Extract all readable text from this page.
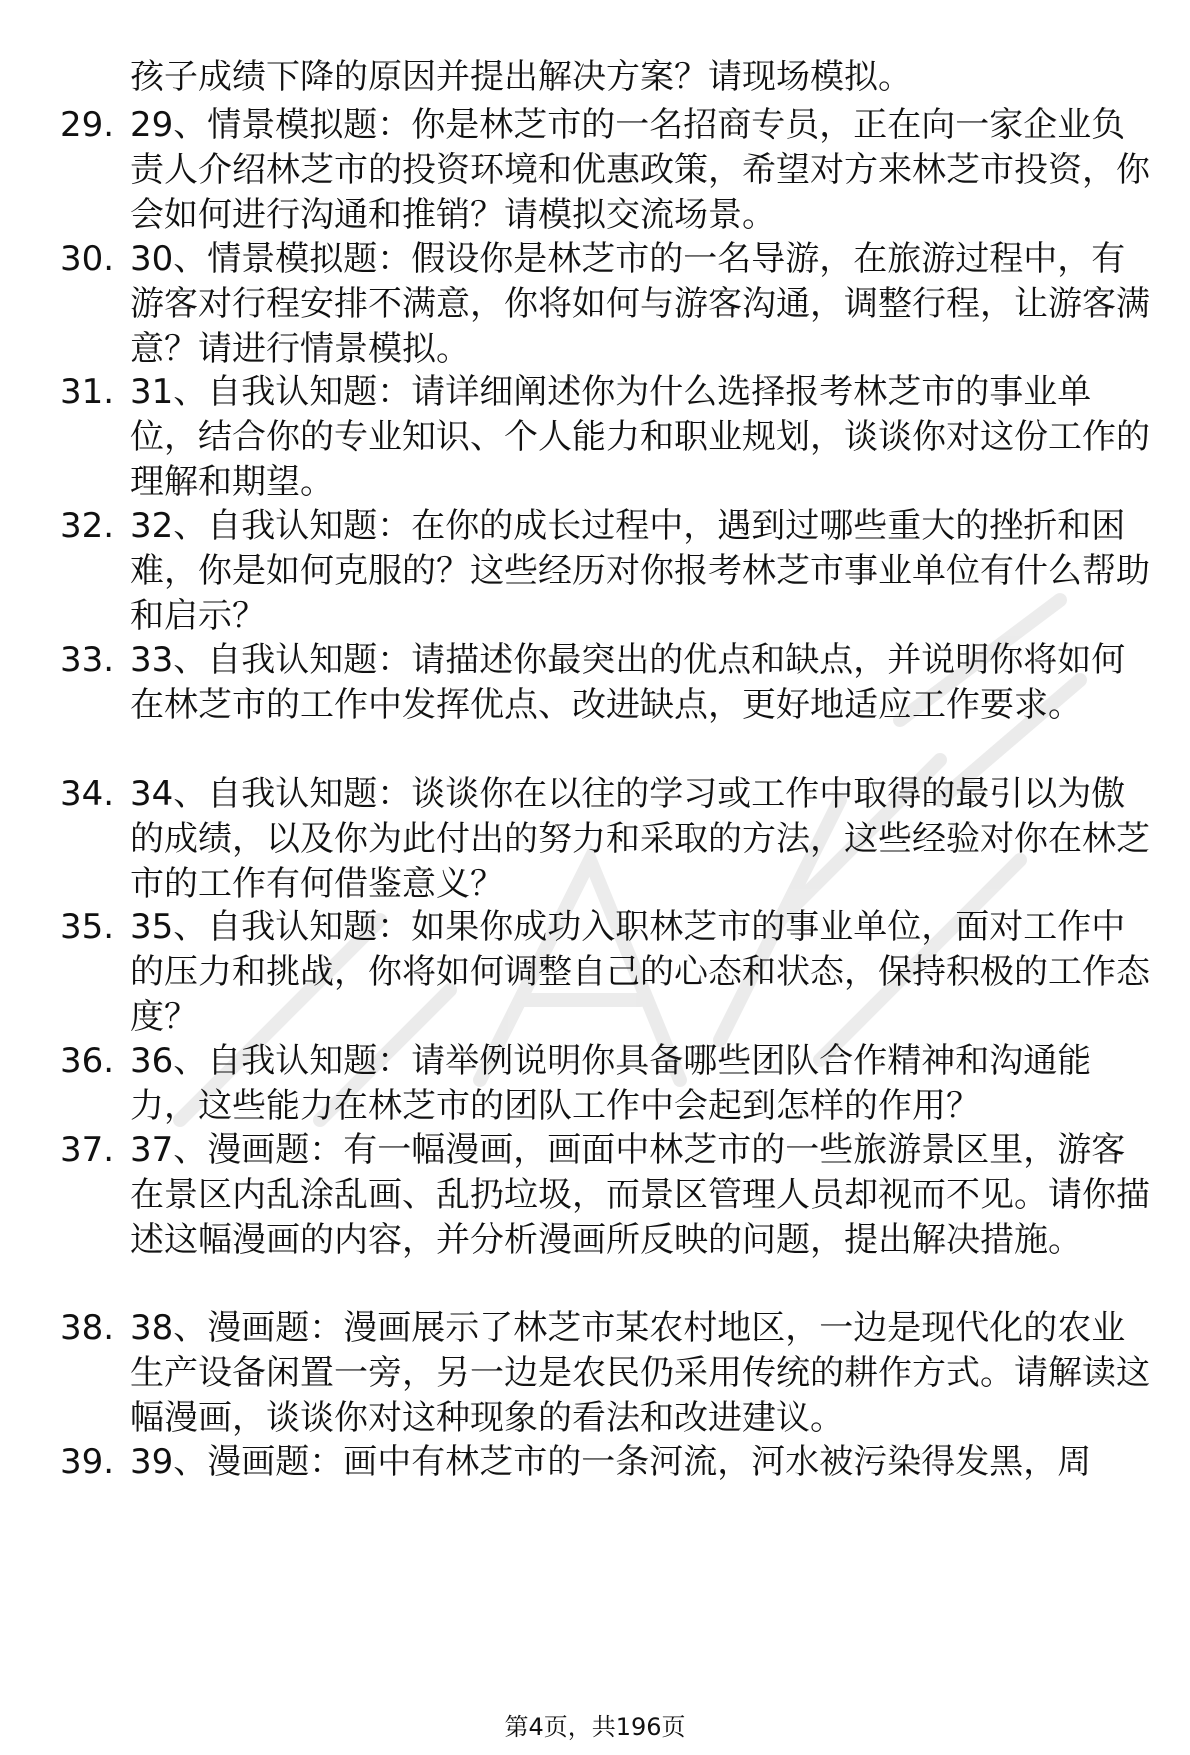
孩子成绩下降的原因并提出解决方案？请现场模拟。

29. 29、情景模拟题：你是林芝市的一名招商专员，正在向一家企业负责人介绍林芝市的投资环境和优惠政策，希望对方来林芝市投资，你会如何进行沟通和推销？请模拟交流场景。

30. 30、情景模拟题：假设你是林芝市的一名导游，在旅游过程中，有游客对行程安排不满意，你将如何与游客沟通，调整行程，让游客满意？请进行情景模拟。

31. 31、自我认知题：请详细阐述你为什么选择报考林芝市的事业单位，结合你的专业知识、个人能力和职业规划，谈谈你对这份工作的理解和期望。

32. 32、自我认知题：在你的成长过程中，遇到过哪些重大的挫折和困难，你是如何克服的？这些经历对你报考林芝市事业单位有什么帮助和启示？

33. 33、自我认知题：请描述你最突出的优点和缺点，并说明你将如何在林芝市的工作中发挥优点、改进缺点，更好地适应工作要求。

34. 34、自我认知题：谈谈你在以往的学习或工作中取得的最引以为傲的成绩，以及你为此付出的努力和采取的方法，这些经验对你在林芝市的工作有何借鉴意义？

35. 35、自我认知题：如果你成功入职林芝市的事业单位，面对工作中的压力和挑战，你将如何调整自己的心态和状态，保持积极的工作态度？

36. 36、自我认知题：请举例说明你具备哪些团队合作精神和沟通能力，这些能力在林芝市的团队工作中会起到怎样的作用？

37. 37、漫画题：有一幅漫画，画面中林芝市的一些旅游景区里，游客在景区内乱涂乱画、乱扔垃圾，而景区管理人员却视而不见。请你描述这幅漫画的内容，并分析漫画所反映的问题，提出解决措施。

38. 38、漫画题：漫画展示了林芝市某农村地区，一边是现代化的农业生产设备闲置一旁，另一边是农民仍采用传统的耕作方式。请解读这幅漫画，谈谈你对这种现象的看法和改进建议。

39. 39、漫画题：画中有林芝市的一条河流，河水被污染得发黑，周

第4页，共196页
